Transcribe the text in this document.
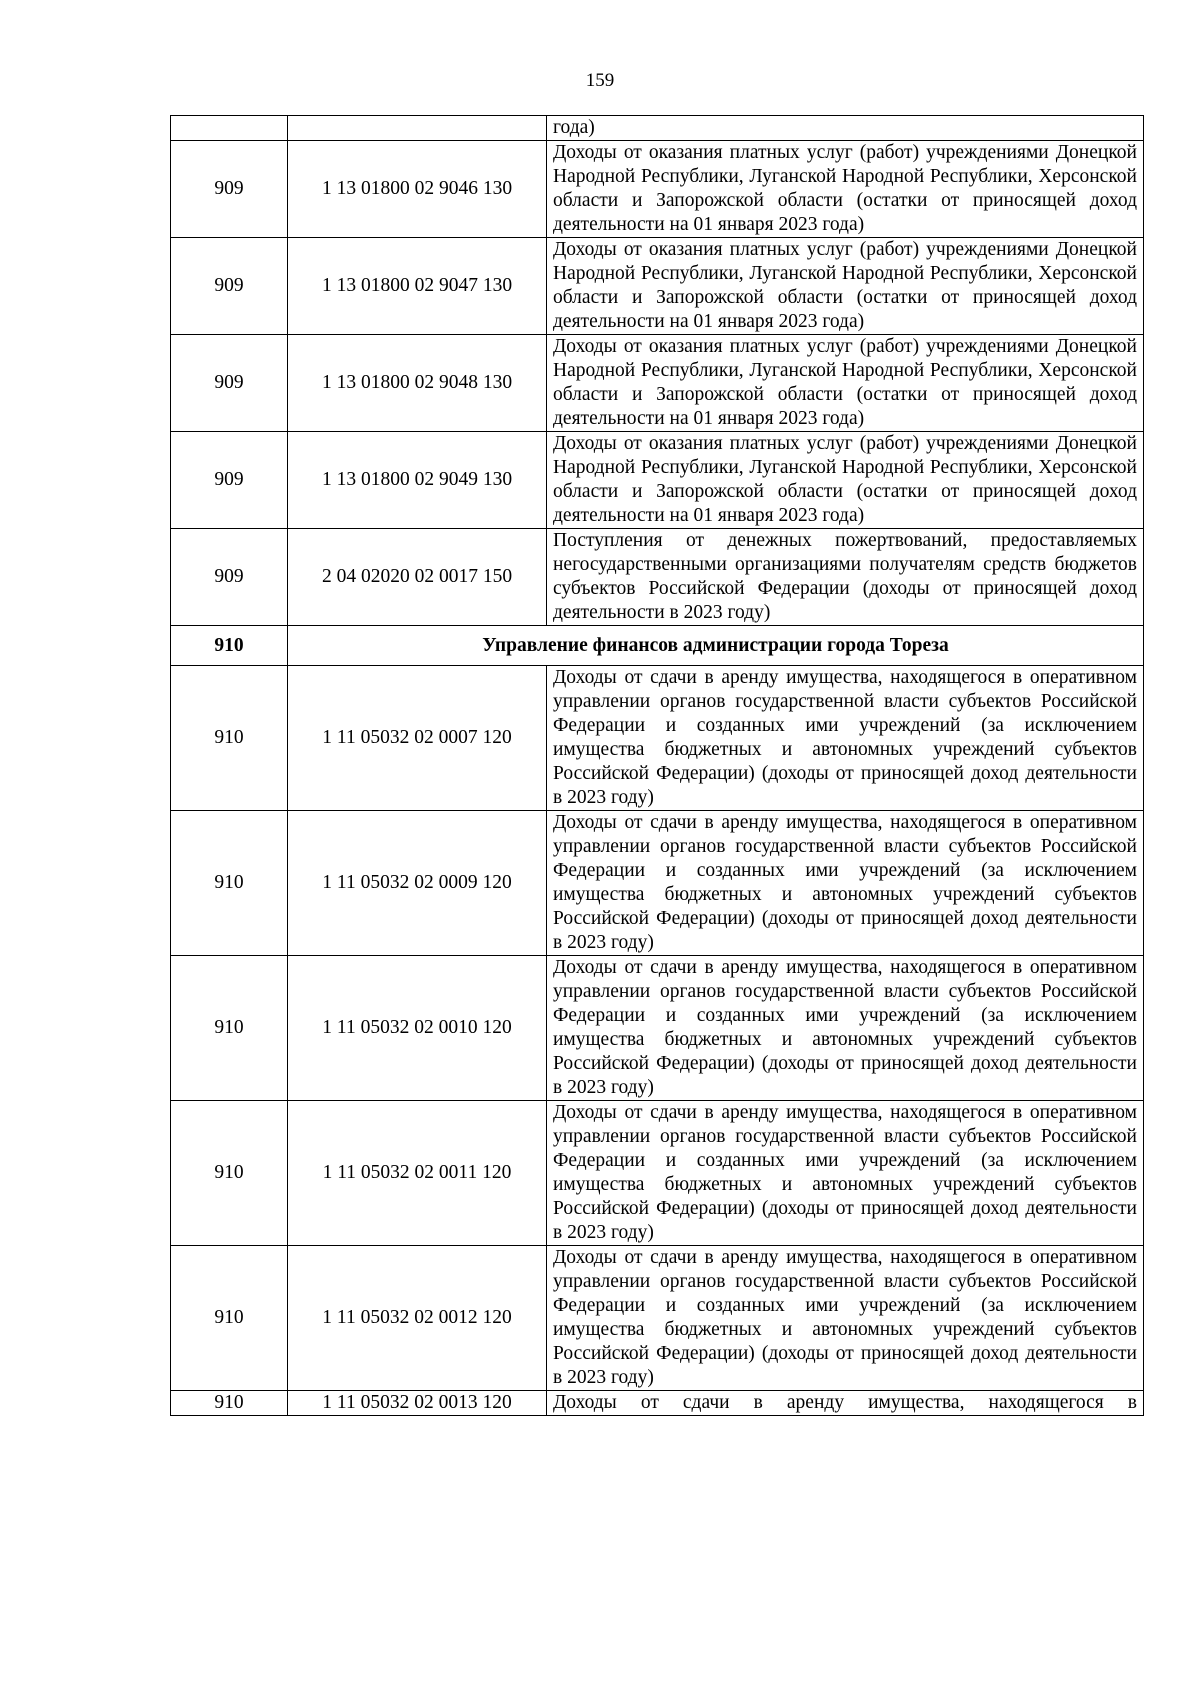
159
		года)
909	1 13 01800 02 9046 130	Доходы от оказания платных услуг (работ) учреждениями Донецкой Народной Республики, Луганской Народной Республики, Херсонской области и Запорожской области (остатки от приносящей доход деятельности на 01 января 2023 года)
909	1 13 01800 02 9047 130	Доходы от оказания платных услуг (работ) учреждениями Донецкой Народной Республики, Луганской Народной Республики, Херсонской области и Запорожской области (остатки от приносящей доход деятельности на 01 января 2023 года)
909	1 13 01800 02 9048 130	Доходы от оказания платных услуг (работ) учреждениями Донецкой Народной Республики, Луганской Народной Республики, Херсонской области и Запорожской области (остатки от приносящей доход деятельности на 01 января 2023 года)
909	1 13 01800 02 9049 130	Доходы от оказания платных услуг (работ) учреждениями Донецкой Народной Республики, Луганской Народной Республики, Херсонской области и Запорожской области (остатки от приносящей доход деятельности на 01 января 2023 года)
909	2 04 02020 02 0017 150	Поступления от денежных пожертвований, предоставляемых негосударственными организациями получателям средств бюджетов субъектов Российской Федерации (доходы от приносящей доход деятельности в 2023 году)
910	Управление финансов администрации города Тореза	
910	1 11 05032 02 0007 120	Доходы от сдачи в аренду имущества, находящегося в оперативном управлении органов государственной власти субъектов Российской Федерации и созданных ими учреждений (за исключением имущества бюджетных и автономных учреждений субъектов Российской Федерации) (доходы от приносящей доход деятельности в 2023 году)
910	1 11 05032 02 0009 120	Доходы от сдачи в аренду имущества, находящегося в оперативном управлении органов государственной власти субъектов Российской Федерации и созданных ими учреждений (за исключением имущества бюджетных и автономных учреждений субъектов Российской Федерации) (доходы от приносящей доход деятельности в 2023 году)
910	1 11 05032 02 0010 120	Доходы от сдачи в аренду имущества, находящегося в оперативном управлении органов государственной власти субъектов Российской Федерации и созданных ими учреждений (за исключением имущества бюджетных и автономных учреждений субъектов Российской Федерации) (доходы от приносящей доход деятельности в 2023 году)
910	1 11 05032 02 0011 120	Доходы от сдачи в аренду имущества, находящегося в оперативном управлении органов государственной власти субъектов Российской Федерации и созданных ими учреждений (за исключением имущества бюджетных и автономных учреждений субъектов Российской Федерации) (доходы от приносящей доход деятельности в 2023 году)
910	1 11 05032 02 0012 120	Доходы от сдачи в аренду имущества, находящегося в оперативном управлении органов государственной власти субъектов Российской Федерации и созданных ими учреждений (за исключением имущества бюджетных и автономных учреждений субъектов Российской Федерации) (доходы от приносящей доход деятельности в 2023 году)
910	1 11 05032 02 0013 120	Доходы от сдачи в аренду имущества, находящегося в
